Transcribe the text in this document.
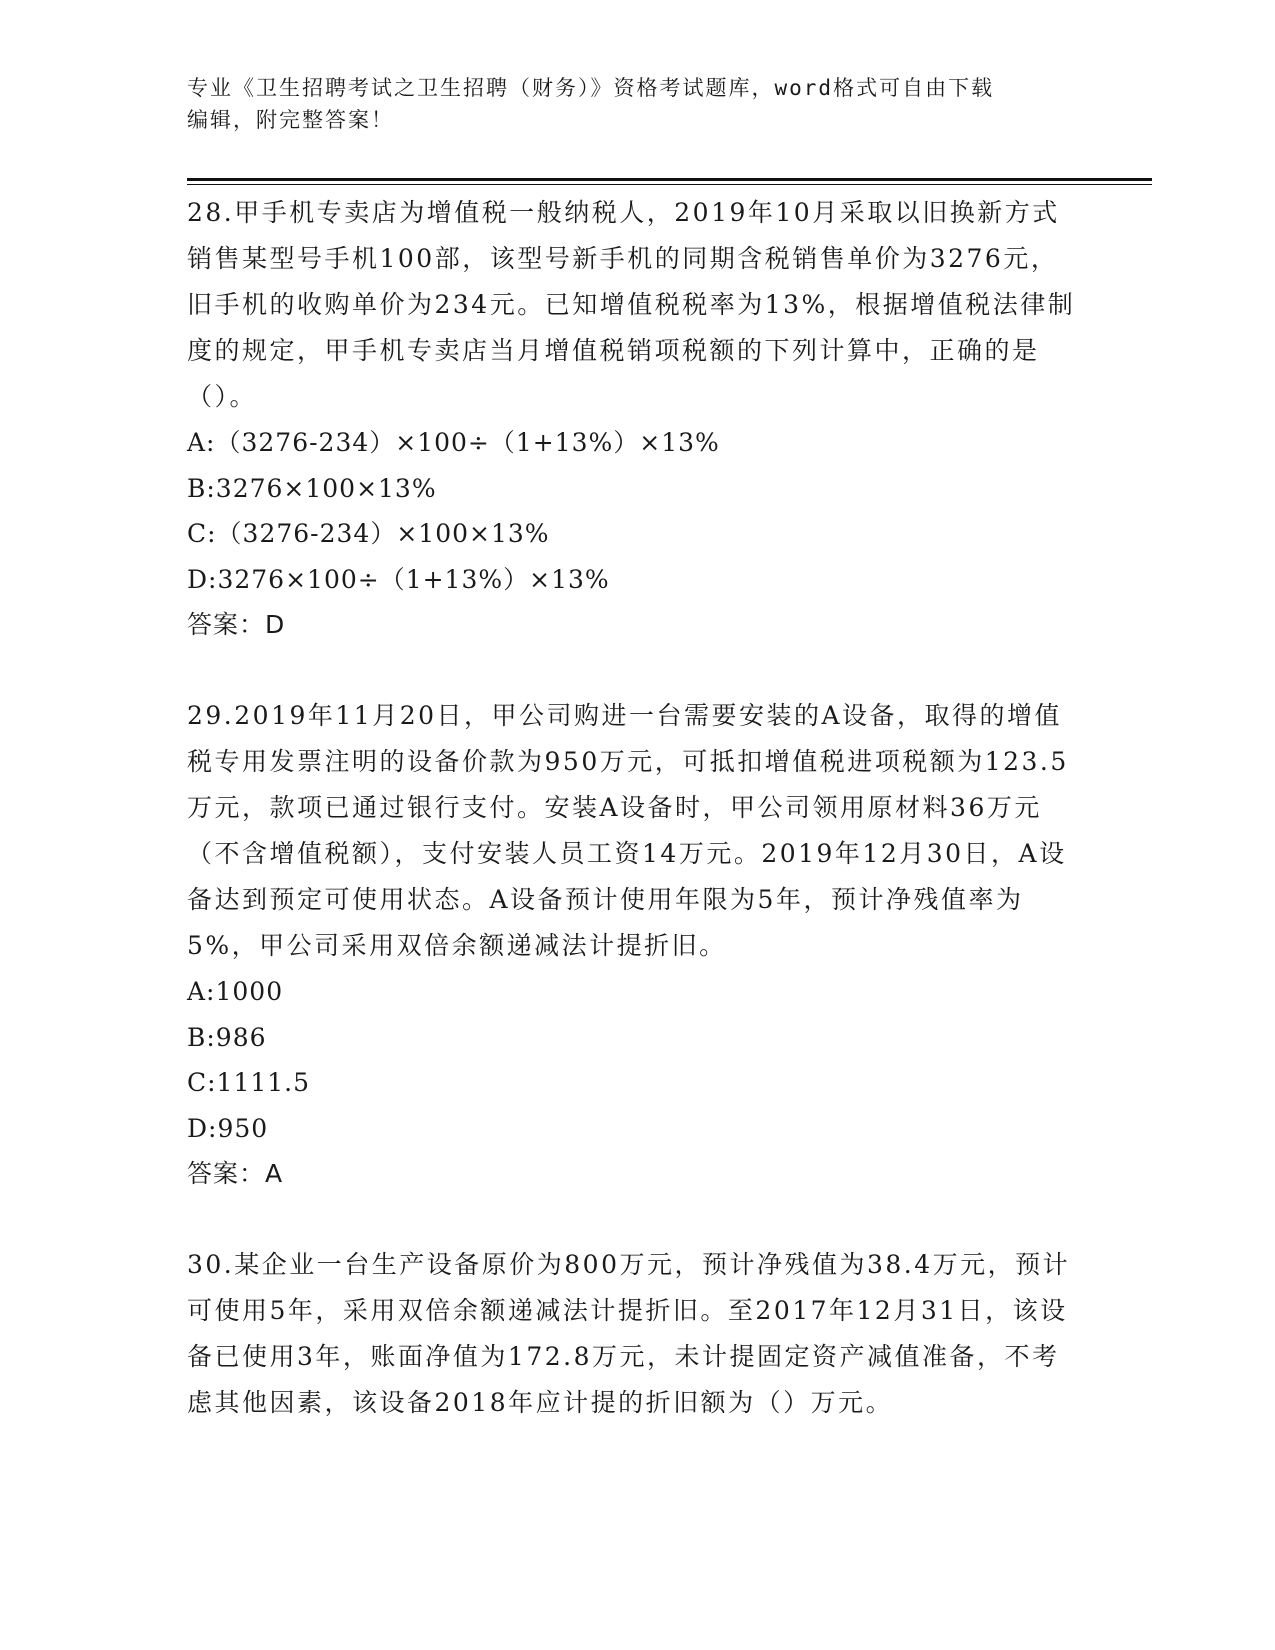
专业《卫生招聘考试之卫生招聘（财务）》资格考试题库，word格式可自由下载
编辑，附完整答案！
28.甲手机专卖店为增值税一般纳税人，2019年10月采取以旧换新方式销售某型号手机100部，该型号新手机的同期含税销售单价为3276元，旧手机的收购单价为234元。已知增值税税率为13%，根据增值税法律制度的规定，甲手机专卖店当月增值税销项税额的下列计算中，正确的是（）。
A:（3276-234）×100÷（1+13%）×13%
B:3276×100×13%
C:（3276-234）×100×13%
D:3276×100÷（1+13%）×13%
答案：D
29.2019年11月20日，甲公司购进一台需要安装的A设备，取得的增值税专用发票注明的设备价款为950万元，可抵扣增值税进项税额为123.5万元，款项已通过银行支付。安装A设备时，甲公司领用原材料36万元（不含增值税额），支付安装人员工资14万元。2019年12月30日，A设备达到预定可使用状态。A设备预计使用年限为5年，预计净残值率为5%，甲公司采用双倍余额递减法计提折旧。
A:1000
B:986
C:1111.5
D:950
答案：A
30.某企业一台生产设备原价为800万元，预计净残值为38.4万元，预计可使用5年，采用双倍余额递减法计提折旧。至2017年12月31日，该设备已使用3年，账面净值为172.8万元，未计提固定资产减值准备，不考虑其他因素，该设备2018年应计提的折旧额为（）万元。
